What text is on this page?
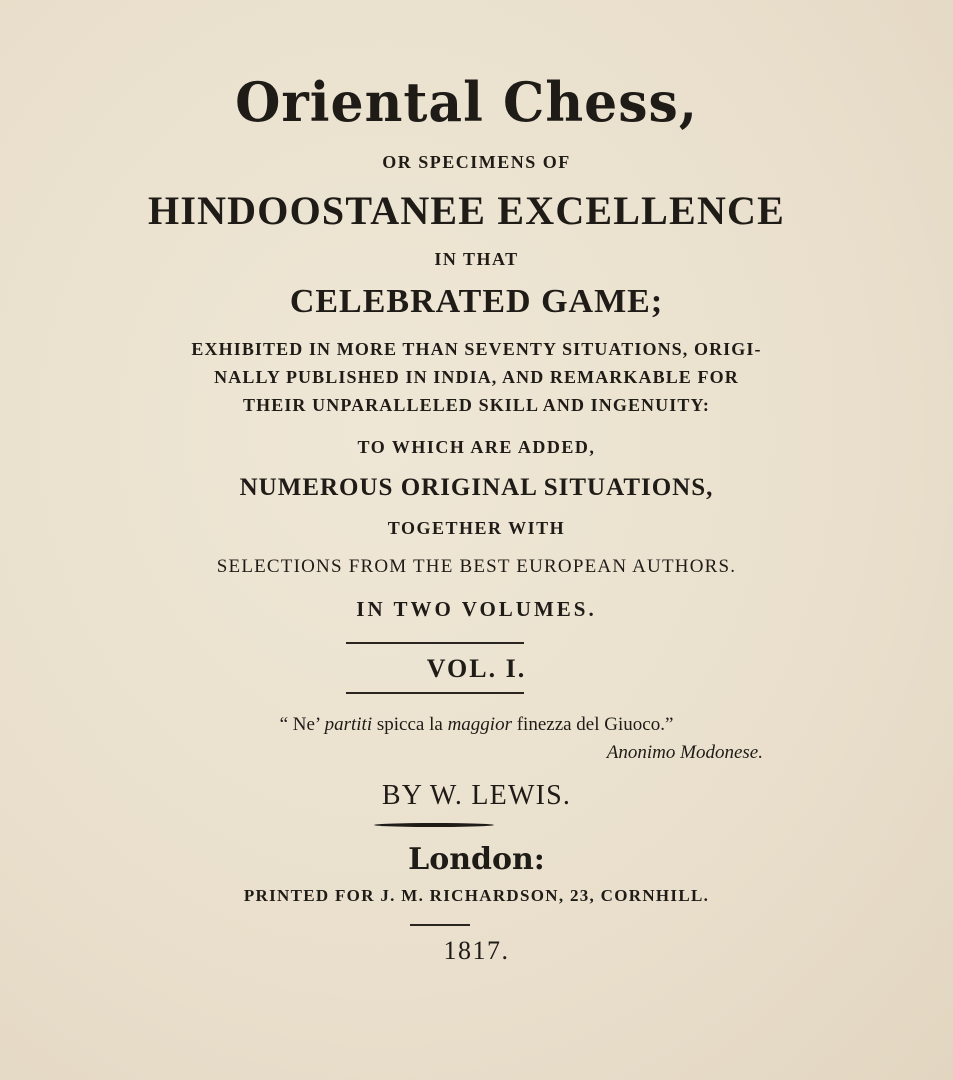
Oriental Chess,
OR SPECIMENS OF
HINDOOSTANEE EXCELLENCE
IN THAT
CELEBRATED GAME;
EXHIBITED IN MORE THAN SEVENTY SITUATIONS, ORIGI-
NALLY PUBLISHED IN INDIA, AND REMARKABLE FOR
THEIR UNPARALLELED SKILL AND INGENUITY:
TO WHICH ARE ADDED,
NUMEROUS ORIGINAL SITUATIONS,
TOGETHER WITH
SELECTIONS FROM THE BEST EUROPEAN AUTHORS.
IN TWO VOLUMES.
VOL. I.
“ Ne’ partiti spicca la maggior finezza del Giuoco.”
Anonimo Modonese.
BY W. LEWIS.
London:
PRINTED FOR J. M. RICHARDSON, 23, CORNHILL.
1817.
